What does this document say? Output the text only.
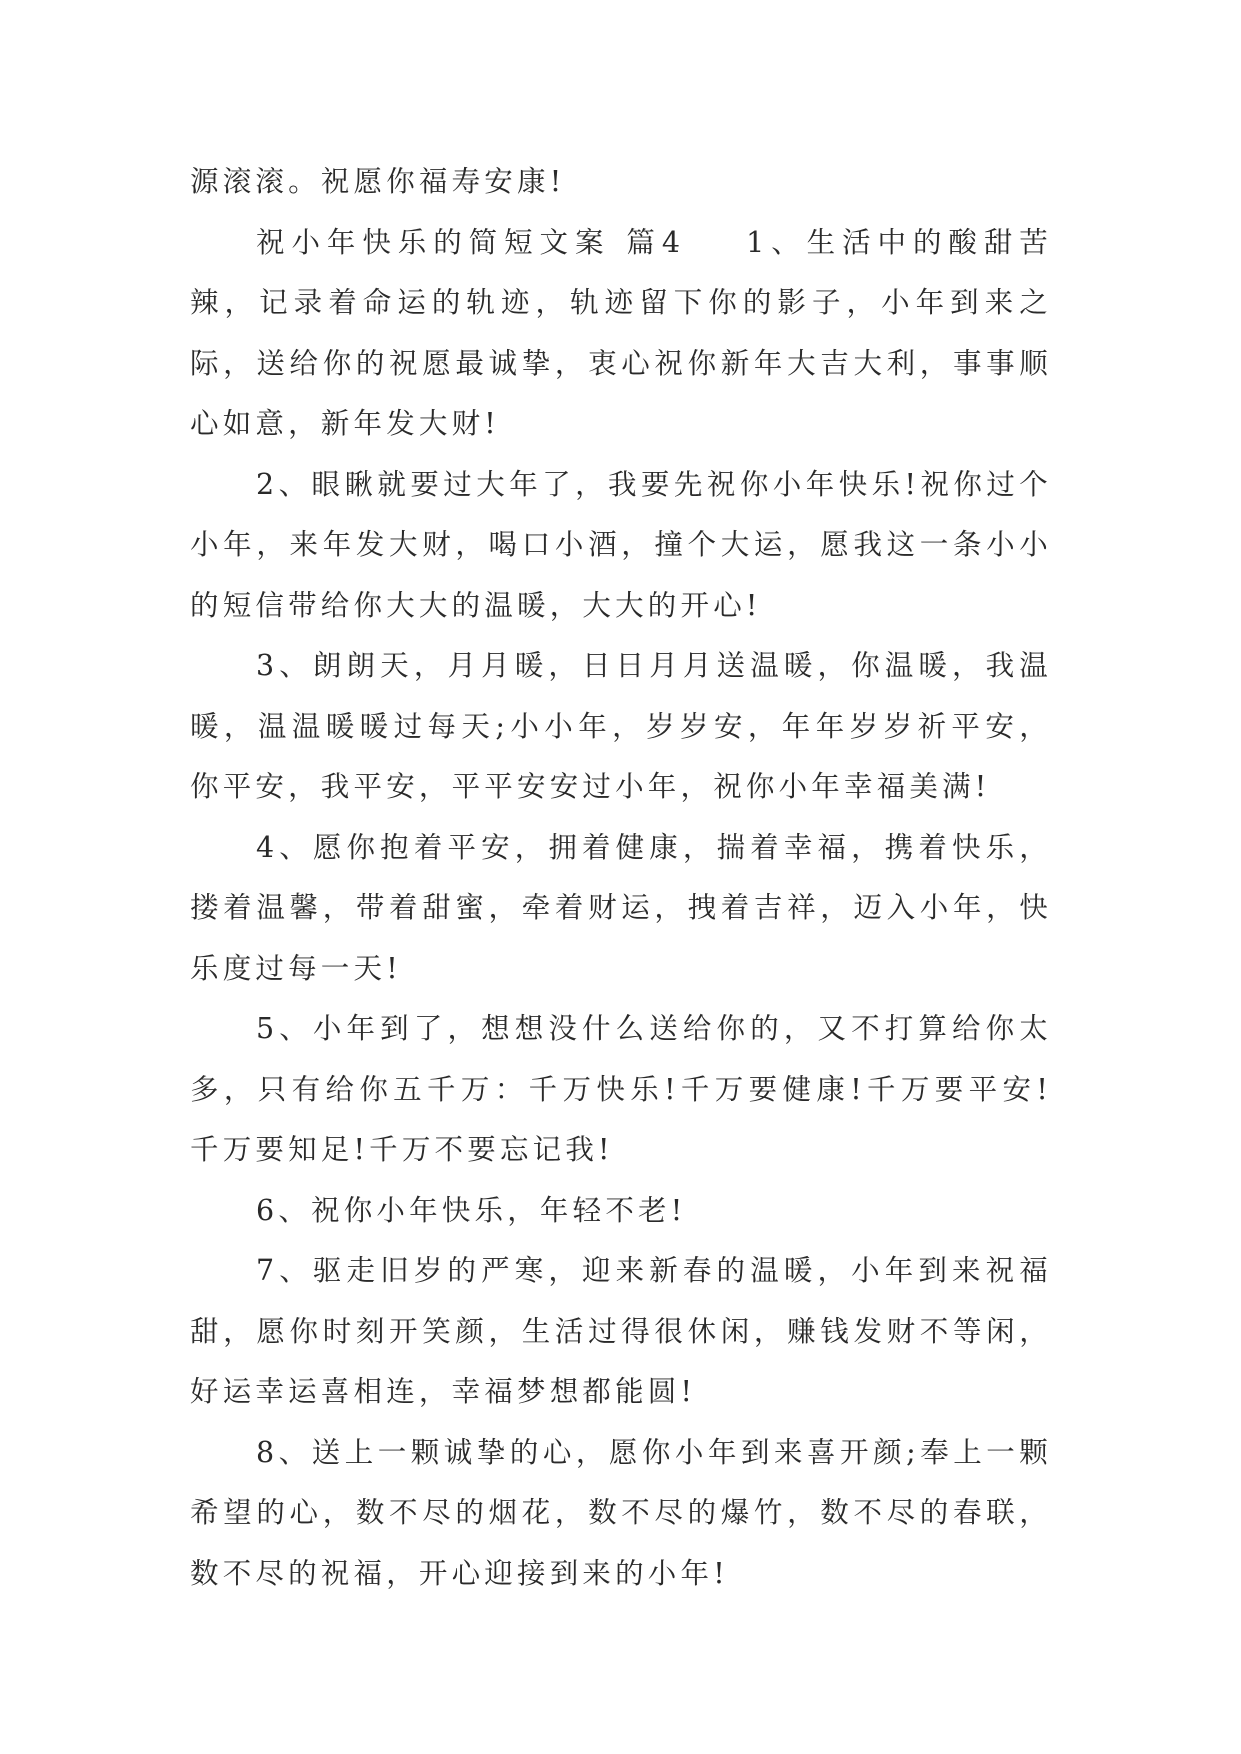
源滚滚。祝愿你福寿安康!

祝小年快乐的简短文案 篇4 1、生活中的酸甜苦辣，记录着命运的轨迹，轨迹留下你的影子，小年到来之际，送给你的祝愿最诚挚，衷心祝你新年大吉大利，事事顺心如意，新年发大财!

2、眼瞅就要过大年了，我要先祝你小年快乐!祝你过个小年，来年发大财，喝口小酒，撞个大运，愿我这一条小小的短信带给你大大的温暖，大大的开心!

3、朗朗天，月月暖，日日月月送温暖，你温暖，我温暖，温温暖暖过每天;小小年，岁岁安，年年岁岁祈平安，你平安，我平安，平平安安过小年，祝你小年幸福美满!

4、愿你抱着平安，拥着健康，揣着幸福，携着快乐，搂着温馨，带着甜蜜，牵着财运，拽着吉祥，迈入小年，快乐度过每一天!

5、小年到了，想想没什么送给你的，又不打算给你太多，只有给你五千万：千万快乐!千万要健康!千万要平安!千万要知足!千万不要忘记我!

6、祝你小年快乐，年轻不老!

7、驱走旧岁的严寒，迎来新春的温暖，小年到来祝福甜，愿你时刻开笑颜，生活过得很休闲，赚钱发财不等闲，好运幸运喜相连，幸福梦想都能圆!

8、送上一颗诚挚的心，愿你小年到来喜开颜;奉上一颗希望的心，数不尽的烟花，数不尽的爆竹，数不尽的春联，数不尽的祝福，开心迎接到来的小年!
